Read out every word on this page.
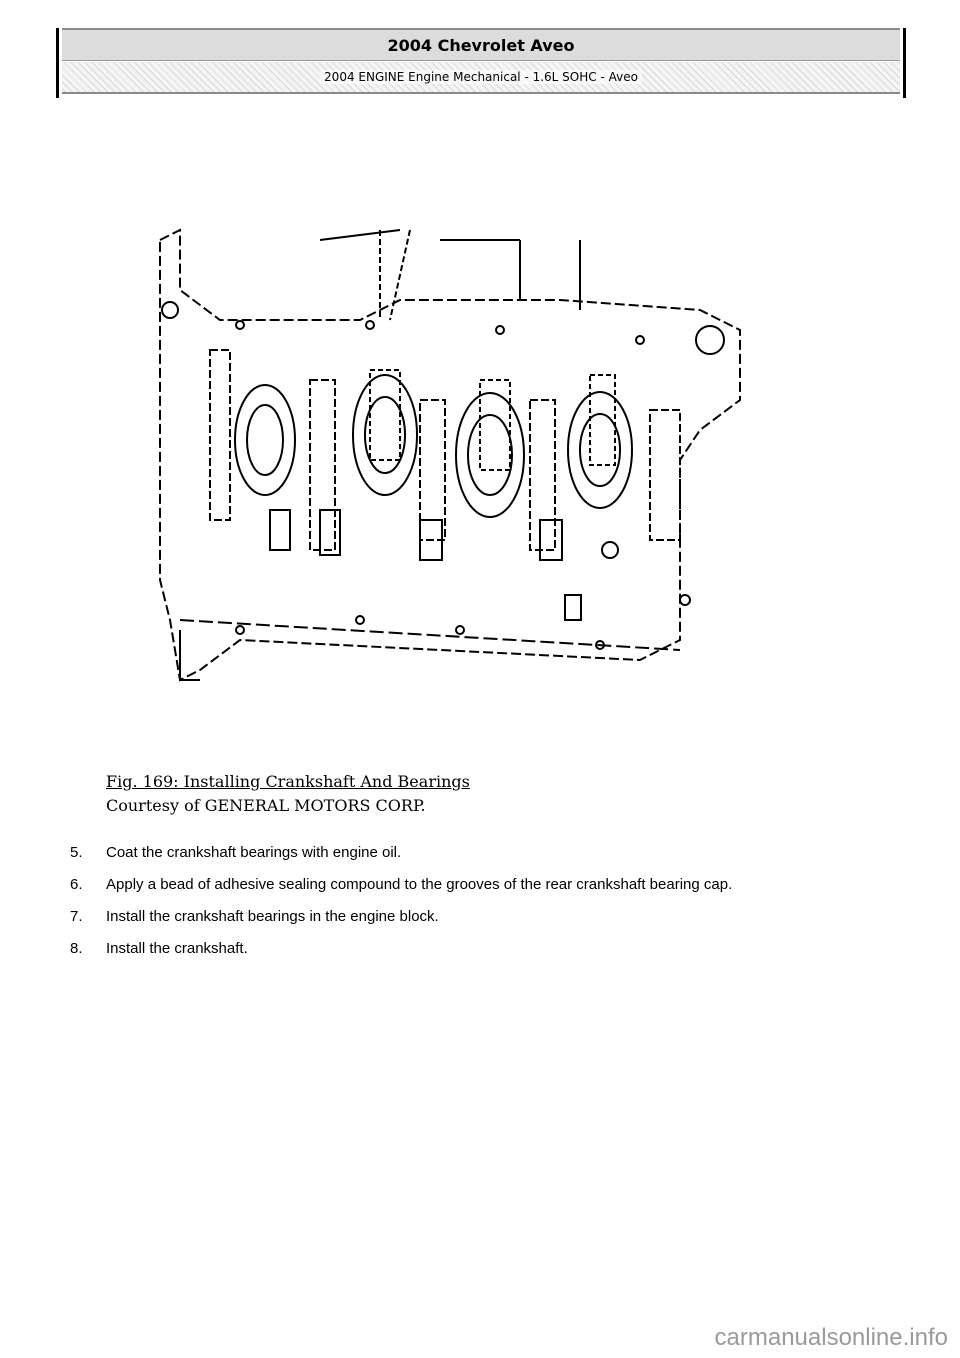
2004 Chevrolet Aveo
2004 ENGINE Engine Mechanical - 1.6L SOHC - Aveo
Fig. 169: Installing Crankshaft And Bearings
Courtesy of GENERAL MOTORS CORP.
5.	Coat the crankshaft bearings with engine oil.
6.	Apply a bead of adhesive sealing compound to the grooves of the rear crankshaft bearing cap.
7.	Install the crankshaft bearings in the engine block.
8.	Install the crankshaft.
carmanualsonline.info
